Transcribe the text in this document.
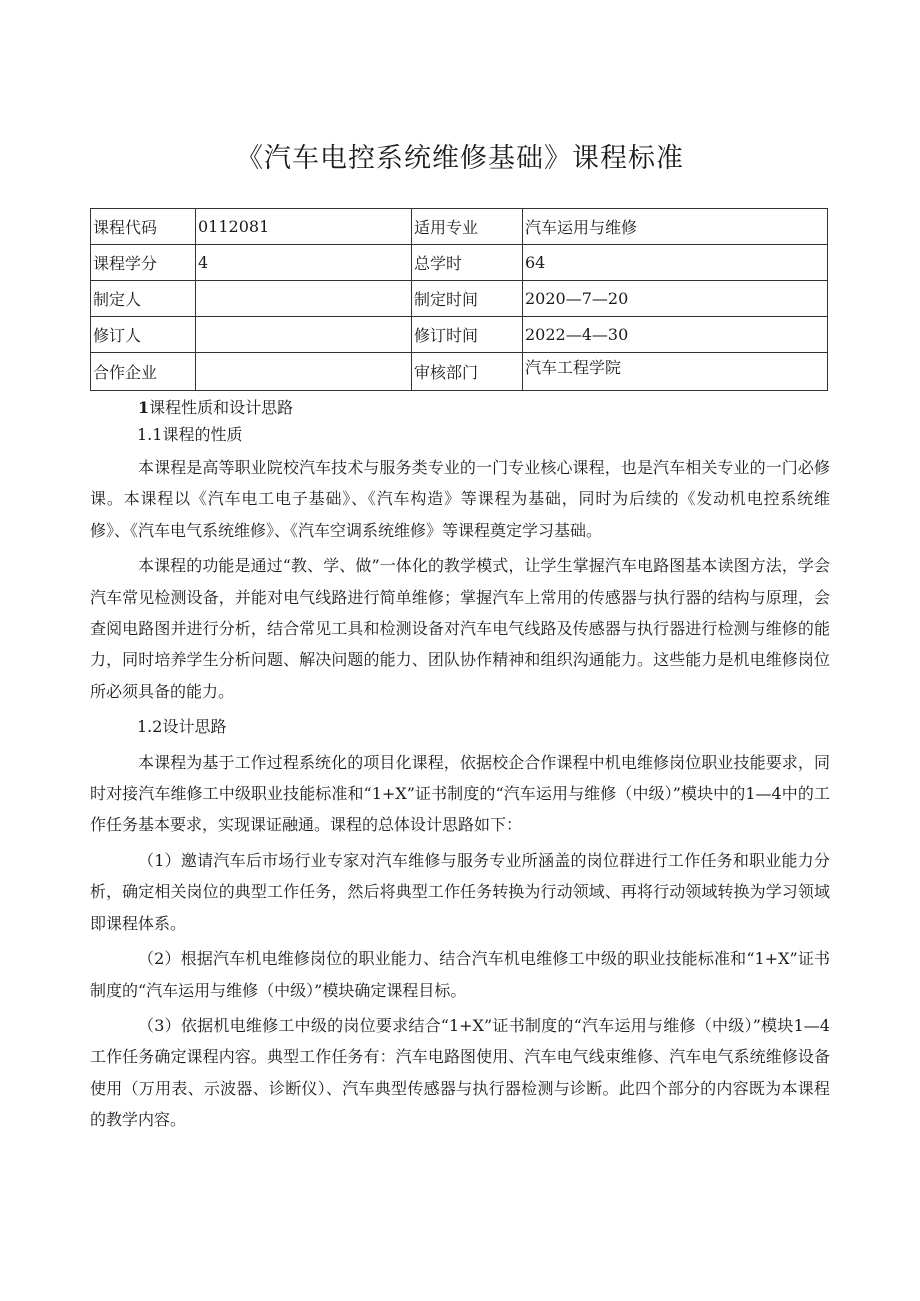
《汽车电控系统维修基础》课程标准
课程代码	0112081	适用专业	汽车运用与维修
课程学分	4	总学时	64
制定人		制定时间	2020—7—20
修订人		修订时间	2022—4—30
合作企业		审核部门	汽车工程学院

1课程性质和设计思路

1.1课程的性质

本课程是高等职业院校汽车技术与服务类专业的一门专业核心课程，也是汽车相关专业的一门必修课。本课程以《汽车电工电子基础》、《汽车构造》等课程为基础，同时为后续的《发动机电控系统维修》、《汽车电气系统维修》、《汽车空调系统维修》等课程奠定学习基础。

本课程的功能是通过“教、学、做”一体化的教学模式，让学生掌握汽车电路图基本读图方法，学会汽车常见检测设备，并能对电气线路进行简单维修；掌握汽车上常用的传感器与执行器的结构与原理，会查阅电路图并进行分析，结合常见工具和检测设备对汽车电气线路及传感器与执行器进行检测与维修的能力，同时培养学生分析问题、解决问题的能力、团队协作精神和组织沟通能力。这些能力是机电维修岗位所必须具备的能力。

1.2设计思路

本课程为基于工作过程系统化的项目化课程，依据校企合作课程中机电维修岗位职业技能要求，同时对接汽车维修工中级职业技能标准和“1+X”证书制度的“汽车运用与维修（中级）”模块中的1—4中的工作任务基本要求，实现课证融通。课程的总体设计思路如下：

（1）邀请汽车后市场行业专家对汽车维修与服务专业所涵盖的岗位群进行工作任务和职业能力分析，确定相关岗位的典型工作任务，然后将典型工作任务转换为行动领域、再将行动领域转换为学习领域即课程体系。

（2）根据汽车机电维修岗位的职业能力、结合汽车机电维修工中级的职业技能标准和“1+X”证书制度的“汽车运用与维修（中级）”模块确定课程目标。

（3）依据机电维修工中级的岗位要求结合“1+X”证书制度的“汽车运用与维修（中级）”模块1—4工作任务确定课程内容。典型工作任务有：汽车电路图使用、汽车电气线束维修、汽车电气系统维修设备使用（万用表、示波器、诊断仪）、汽车典型传感器与执行器检测与诊断。此四个部分的内容既为本课程的教学内容。
